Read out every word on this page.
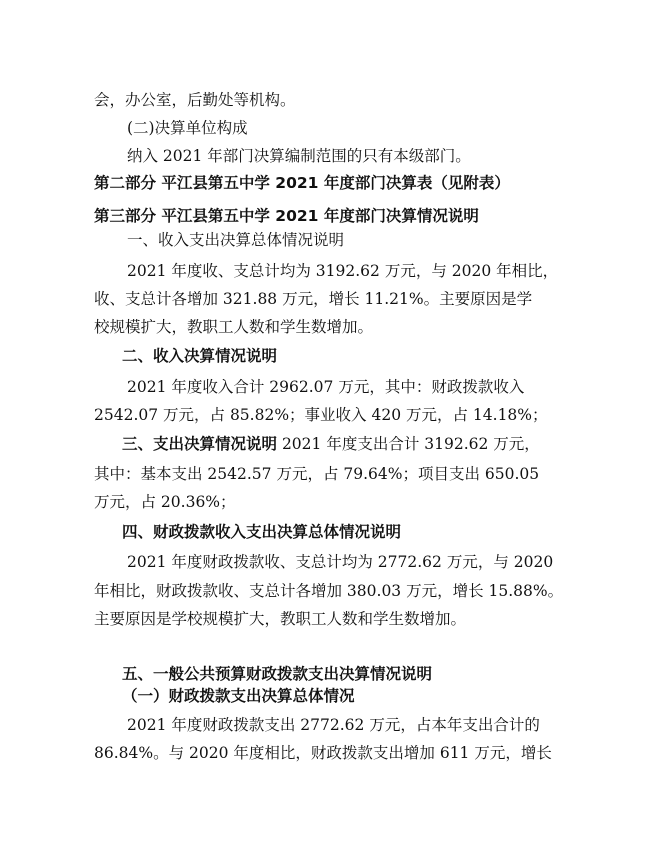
会，办公室，后勤处等机构。
(二)决算单位构成
纳入 2021 年部门决算编制范围的只有本级部门。
第二部分 平江县第五中学 2021 年度部门决算表（见附表）
第三部分 平江县第五中学 2021 年度部门决算情况说明
一、收入支出决算总体情况说明
2021 年度收、支总计均为 3192.62 万元，与 2020 年相比，
收、支总计各增加 321.88 万元，增长 11.21%。主要原因是学
校规模扩大，教职工人数和学生数增加。
二、收入决算情况说明
2021 年度收入合计 2962.07 万元，其中：财政拨款收入
2542.07 万元，占 85.82%；事业收入 420 万元，占 14.18%；
三、支出决算情况说明 2021 年度支出合计 3192.62 万元，
其中：基本支出 2542.57 万元，占 79.64%；项目支出 650.05
万元，占 20.36%；
四、财政拨款收入支出决算总体情况说明
2021 年度财政拨款收、支总计均为 2772.62 万元，与 2020
年相比，财政拨款收、支总计各增加 380.03 万元，增长 15.88%。
主要原因是学校规模扩大，教职工人数和学生数增加。
五、一般公共预算财政拨款支出决算情况说明
（一）财政拨款支出决算总体情况
2021 年度财政拨款支出 2772.62 万元，占本年支出合计的
86.84%。与 2020 年度相比，财政拨款支出增加 611 万元，增长
